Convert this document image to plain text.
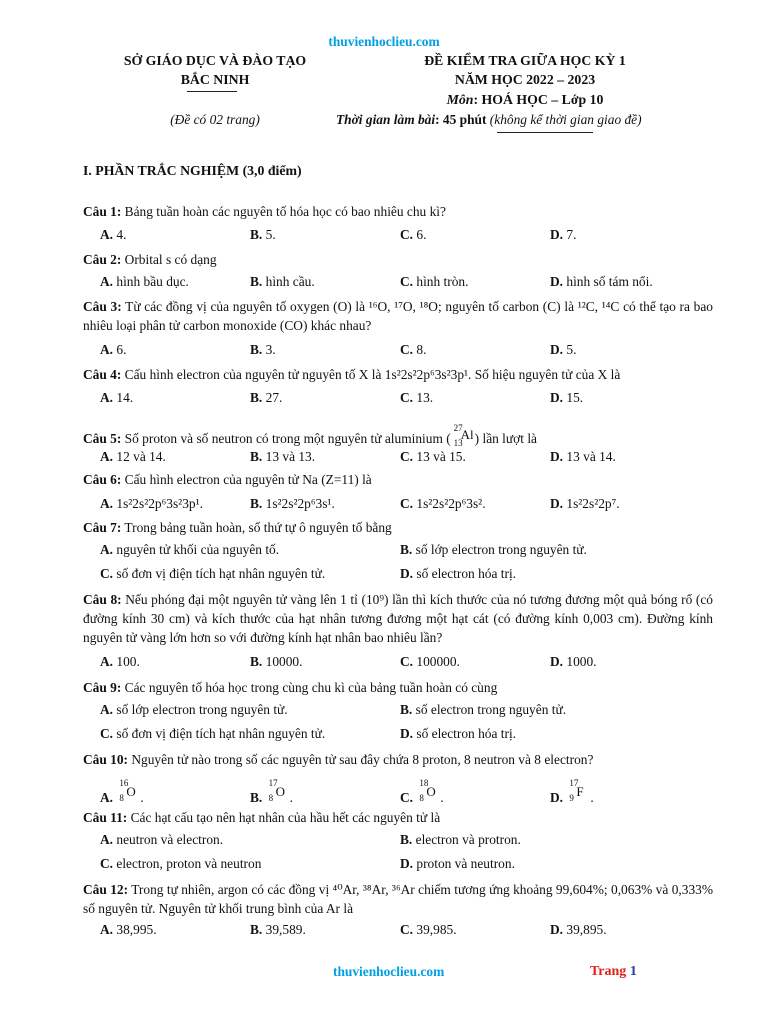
thuvienhoclieu.com
SỞ GIÁO DỤC VÀ ĐÀO TẠO
BẮC NINH
(Đề có 02 trang)
ĐỀ KIỂM TRA GIỮA HỌC KỲ 1
NĂM HỌC 2022 – 2023
Môn: HOÁ HỌC – Lớp 10
Thời gian làm bài: 45 phút (không kể thời gian giao đề)
I. PHẦN TRẮC NGHIỆM (3,0 điểm)
Câu 1: Bảng tuần hoàn các nguyên tố hóa học có bao nhiêu chu kì?
A. 4.	B. 5.	C. 6.	D. 7.
Câu 2: Orbital s có dạng
A. hình bầu dục.	B. hình cầu.	C. hình tròn.	D. hình số tám nổi.
Câu 3: Từ các đồng vị của nguyên tố oxygen (O) là ¹⁶O, ¹⁷O, ¹⁸O; nguyên tố carbon (C) là ¹²C, ¹⁴C có thể tạo ra bao nhiêu loại phân tử carbon monoxide (CO) khác nhau?
A. 6.	B. 3.	C. 8.	D. 5.
Câu 4: Cấu hình electron của nguyên tử nguyên tố X là 1s²2s²2p⁶3s²3p¹. Số hiệu nguyên tử của X là
A. 14.	B. 27.	C. 13.	D. 15.
Câu 5: Số proton và số neutron có trong một nguyên tử aluminium (
27
13
Al ) lần lượt là
A. 12 và 14.	B. 13 và 13.	C. 13 và 15.	D. 13 và 14.
Câu 6: Cấu hình electron của nguyên tử Na (Z=11) là
A. 1s²2s²2p⁶3s²3p¹.	B. 1s²2s²2p⁶3s¹.	C. 1s²2s²2p⁶3s².	D. 1s²2s²2p⁷.
Câu 7: Trong bảng tuần hoàn, số thứ tự ô nguyên tố bằng
A. nguyên tử khối của nguyên tố.	B. số lớp electron trong nguyên tử.
C. số đơn vị điện tích hạt nhân nguyên tử.	D. số electron hóa trị.
Câu 8: Nếu phóng đại một nguyên tử vàng lên 1 tỉ (10⁹) lần thì kích thước của nó tương đương một quả bóng rổ (có đường kính 30 cm) và kích thước của hạt nhân tương đương một hạt cát (có đường kính 0,003 cm). Đường kính nguyên tử vàng lớn hơn so với đường kính hạt nhân bao nhiêu lần?
A. 100.	B. 10000.	C. 100000.	D. 1000.
Câu 9: Các nguyên tố hóa học trong cùng chu kì của bảng tuần hoàn có cùng
A. số lớp electron trong nguyên tử.	B. số electron trong nguyên tử.
C. số đơn vị điện tích hạt nhân nguyên tử.	D. số electron hóa trị.
Câu 10: Nguyên tử nào trong số các nguyên tử sau đây chứa 8 proton, 8 neutron và 8 electron?
A.
16
8 O .	B.
17
8 O .	C.
18
8 O .	D.
17
9 F .
Câu 11: Các hạt cấu tạo nên hạt nhân của hầu hết các nguyên tử là
A. neutron và electron.	B. electron và protron.
C. electron, proton và neutron	D. proton và neutron.
Câu 12: Trong tự nhiên, argon có các đồng vị ⁴⁰Ar, ³⁸Ar, ³⁶Ar chiếm tương ứng khoảng 99,604%; 0,063% và 0,333% số nguyên tử. Nguyên tử khối trung bình của Ar là
A. 38,995.	B. 39,589.	C. 39,985.	D. 39,895.
thuvienhoclieu.com	Trang 1
